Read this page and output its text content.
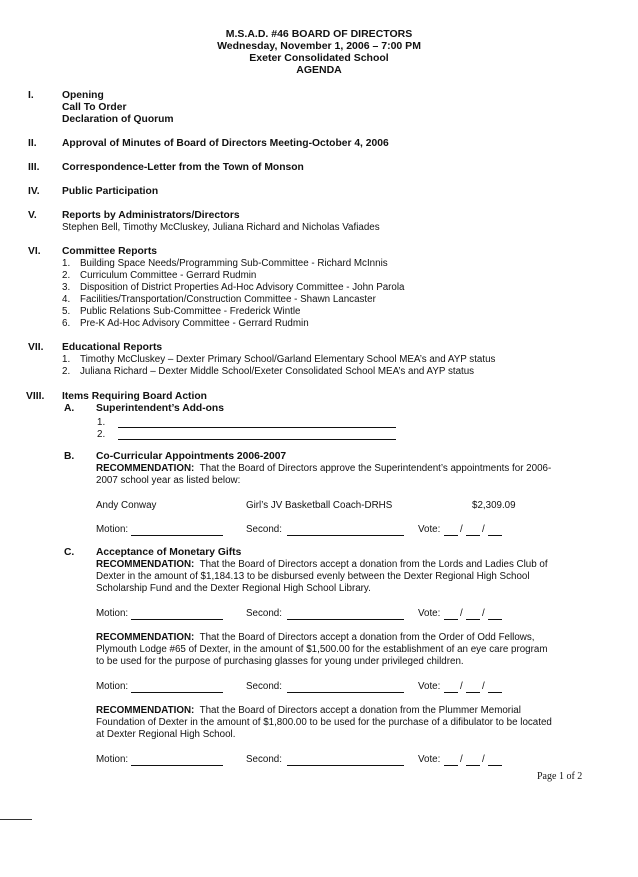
M.S.A.D. #46 BOARD OF DIRECTORS
Wednesday, November 1, 2006 – 7:00 PM
Exeter Consolidated School
AGENDA
I.	Opening
Call To Order
Declaration of Quorum
II. Approval of Minutes of Board of Directors Meeting-October 4, 2006
III. Correspondence-Letter from the Town of Monson
IV. Public Participation
V. Reports by Administrators/Directors
Stephen Bell, Timothy McCluskey, Juliana Richard and Nicholas Vafiades
VI. Committee Reports
1. Building Space Needs/Programming Sub-Committee - Richard McInnis
2. Curriculum Committee - Gerrard Rudmin
3. Disposition of District Properties Ad-Hoc Advisory Committee - John Parola
4. Facilities/Transportation/Construction Committee - Shawn Lancaster
5. Public Relations Sub-Committee - Frederick Wintle
6. Pre-K Ad-Hoc Advisory Committee - Gerrard Rudmin
VII. Educational Reports
1. Timothy McCluskey – Dexter Primary School/Garland Elementary School MEA’s and AYP status
2. Juliana Richard – Dexter Middle School/Exeter Consolidated School MEA’s and AYP status
VIII. Items Requiring Board Action
A. Superintendent’s Add-ons
1.
2.
B. Co-Curricular Appointments 2006-2007
RECOMMENDATION: That the Board of Directors approve the Superintendent’s appointments for 2006-
2007 school year as listed below:
Andy Conway	Girl’s JV Basketball Coach-DRHS	$2,309.09
Motion:	Second:	Vote: / /
C. Acceptance of Monetary Gifts
RECOMMENDATION: That the Board of Directors accept a donation from the Lords and Ladies Club of
Dexter in the amount of $1,184.13 to be disbursed evenly between the Dexter Regional High School
Scholarship Fund and the Dexter Regional High School Library.
Motion:	Second:	Vote: / /
RECOMMENDATION: That the Board of Directors accept a donation from the Order of Odd Fellows,
Plymouth Lodge #65 of Dexter, in the amount of $1,500.00 for the establishment of an eye care program
to be used for the purpose of purchasing glasses for young under privileged children.
Motion:	Second:	Vote: / /
RECOMMENDATION: That the Board of Directors accept a donation from the Plummer Memorial
Foundation of Dexter in the amount of $1,800.00 to be used for the purchase of a difibulator to be located
at Dexter Regional High School.
Motion:	Second:	Vote: / /
Page 1 of 2
